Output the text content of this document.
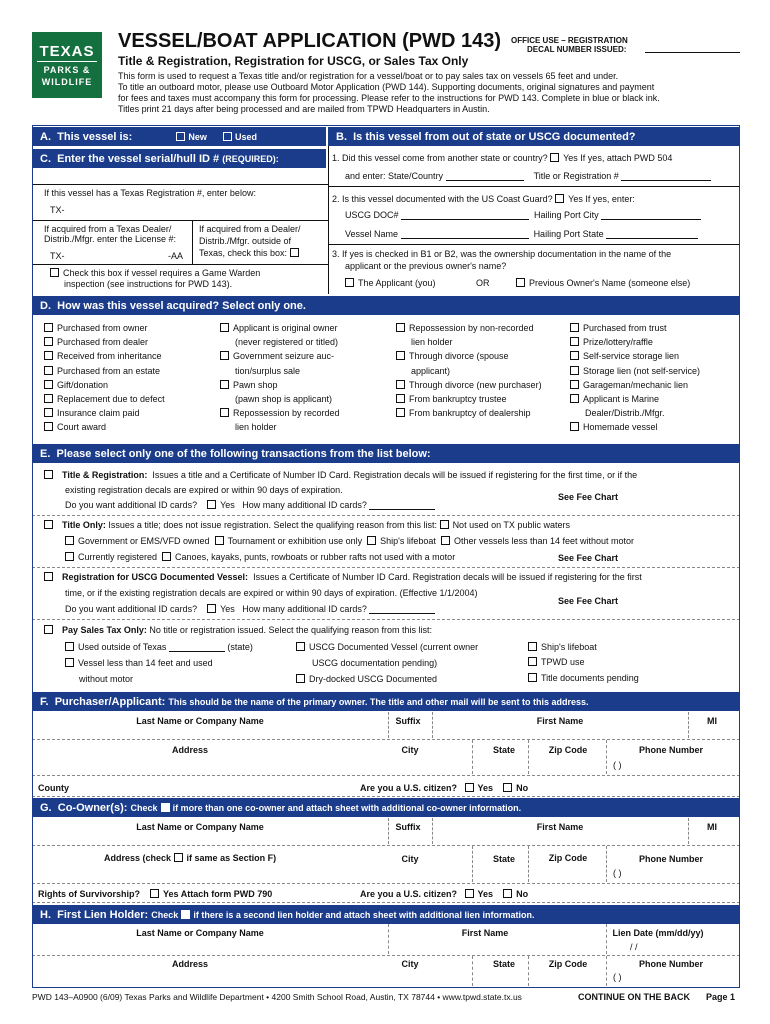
TEXAS
PARKS &
WILDLIFE
VESSEL/BOAT APPLICATION (PWD 143)
Title & Registration, Registration for USCG, or Sales Tax Only
OFFICE USE – REGISTRATION
DECAL NUMBER ISSUED:
This form is used to request a Texas title and/or registration for a vessel/boat or to pay sales tax on vessels 65 feet and under.
To title an outboard motor, please use Outboard Motor Application (PWD 144). Supporting documents, original signatures and payment
for fees and taxes must accompany this form for processing. Please refer to the instructions for PWD 143. Complete in blue or black ink.
Titles print 21 days after being processed and are mailed from TPWD Headquarters in Austin.
A.
This vessel is:	New	Used	B.
Is this vessel from out of state or USCG documented?
C.
Enter the vessel serial/hull ID #
(REQUIRED):
If this vessel has a Texas Registration #, enter below:
TX-
If acquired from a Texas Dealer/
Distrib./Mfgr. enter the License #:
TX-	-AA
If acquired from a Dealer/
Distrib./Mfgr. outside of
Texas, check this box:
Check this box if vessel requires a Game Warden
inspection (see instructions for PWD 143).
1. Did this vessel come from another state or country? Yes If yes, attach PWD 504
and enter: State/Country	Title or Registration #
2. Is this vessel documented with the US Coast Guard? Yes If yes, enter:
USCG DOC#	Hailing Port City
Vessel Name	Hailing Port State
3. If yes is checked in B1 or B2, was the ownership documentation in the name of the
applicant or the previous owner's name?
The Applicant (you)	OR	Previous Owner's Name (someone else)
D.
How was this vessel acquired? Select only one.
Purchased from owner
Purchased from dealer
Received from inheritance
Purchased from an estate
Gift/donation
Replacement due to defect
Insurance claim paid
Court award
Applicant is original owner
(never registered or titled)
Government seizure auc-
tion/surplus sale
Pawn shop
(pawn shop is applicant)
Repossession by recorded
lien holder
Repossession by non-recorded
lien holder
Through divorce (spouse
applicant)
Through divorce (new purchaser)
From bankruptcy trustee
From bankruptcy of dealership
Purchased from trust
Prize/lottery/raffle
Self-service storage lien
Storage lien (not self-service)
Garageman/mechanic lien
Applicant is Marine
Dealer/Distrib./Mfgr.
Homemade vessel
E.
Please select only one of the following transactions from the list below:
Title & Registration: Issues a title and a Certificate of Number ID Card. Registration decals will be issued if registering for the first time, or if the
existing registration decals are expired or within 90 days of expiration.
See Fee Chart
Do you want additional ID cards?	Yes How many additional ID cards?
Title Only: Issues a title; does not issue registration. Select the qualifying reason from this list: Not used on TX public waters
Government or EMS/VFD owned Tournament or exhibition use only Ship's lifeboat Other vessels less than 14 feet without motor
Currently registered Canoes, kayaks, punts, rowboats or rubber rafts not used with a motor	See Fee Chart
Registration for USCG Documented Vessel: Issues a Certificate of Number ID Card. Registration decals will be issued if registering for the first
time, or if the existing registration decals are expired or within 90 days of expiration. (Effective 1/1/2004)
See Fee Chart
Do you want additional ID cards?	Yes How many additional ID cards?
Pay Sales Tax Only: No title or registration issued. Select the qualifying reason from this list:
Used outside of Texas	(state)	USCG Documented Vessel (current owner
USCG documentation pending)
Ship's lifeboat
TPWD use
Vessel less than 14 feet and used
without motor	Dry-docked USCG Documented	Title documents pending
F.
Purchaser/Applicant:
This should be the name of the primary owner. The title and other mail will be sent to this address.
Last Name or Company Name	Suffix	First Name	MI
Address	City	State	Zip Code	Phone Number
( )
County	Are you a U.S. citizen? Yes	No
G.
Co-Owner(s):
Check

if more than one co-owner and attach sheet with additional co-owner information.
Last Name or Company Name	Suffix	First Name	MI
Address (check if same as Section F)	City	State	Zip Code	Phone Number
( )
Rights of Survivorship?	Yes Attach form PWD 790	Are you a U.S. citizen? Yes	No
H.
First Lien Holder:
Check

if there is a second lien holder and attach sheet with additional lien information.
Last Name or Company Name	First Name	Lien Date (mm/dd/yy)
/ /
Address	City	State	Zip Code	Phone Number
( )
PWD 143–A0900 (6/09) Texas Parks and Wildlife Department • 4200 Smith School Road, Austin, TX 78744 • www.tpwd.state.tx.us	CONTINUE ON THE BACK Page 1
